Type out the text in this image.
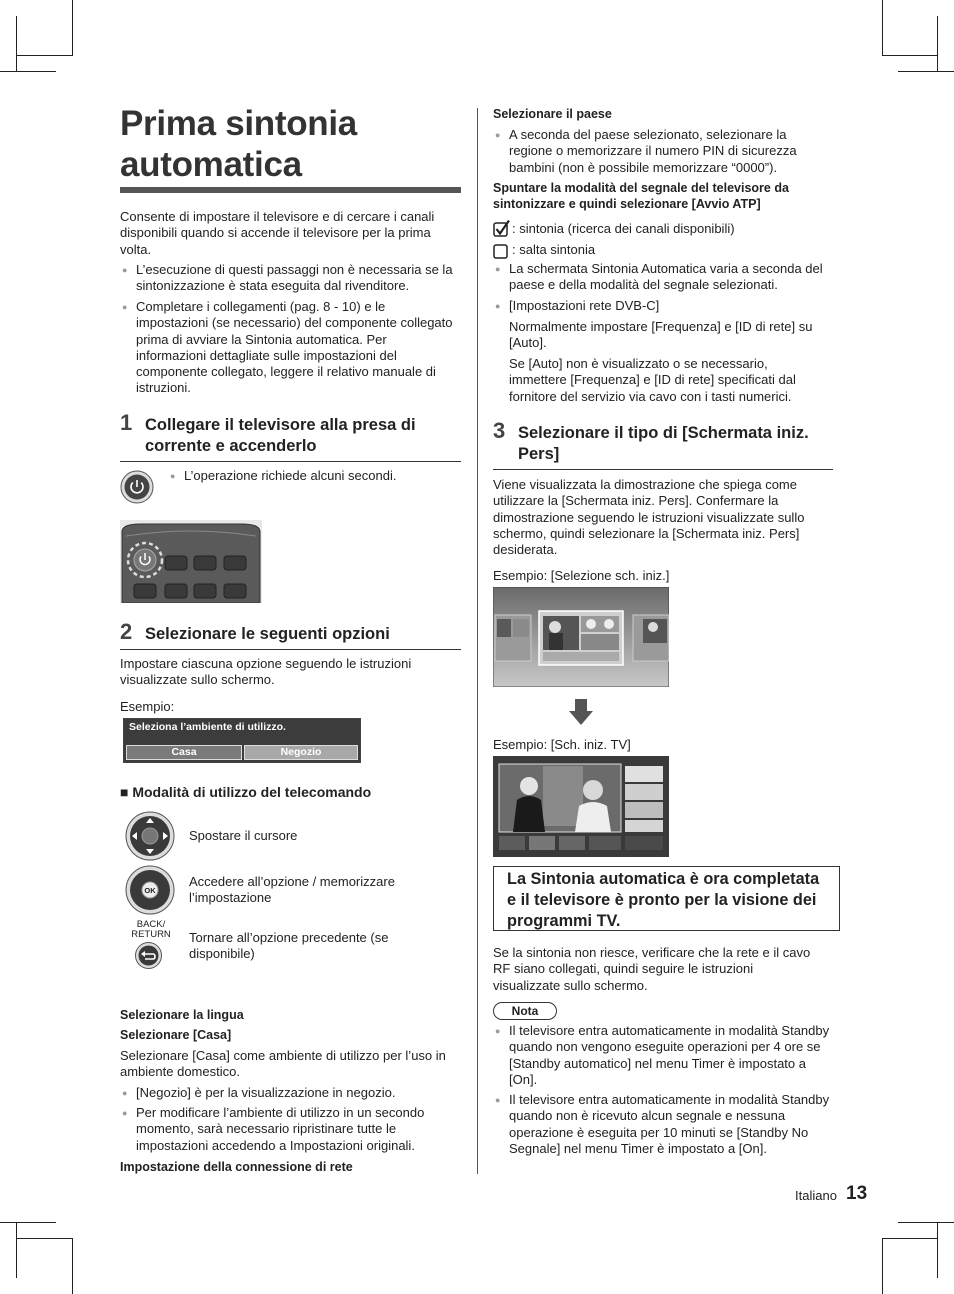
Prima sintonia
automatica

Consente di impostare il televisore e di cercare i canali disponibili quando si accende il televisore per la prima volta.

● L’esecuzione di questi passaggi non è necessaria se la sintonizzazione è stata eseguita dal rivenditore.
● Completare i collegamenti (pag. 8 - 10) e le impostazioni (se necessario) del componente collegato prima di avviare la Sintonia automatica. Per informazioni dettagliate sulle impostazioni del componente collegato, leggere il relativo manuale di istruzioni.
1 Collegare il televisore alla presa di corrente e accenderlo
● L’operazione richiede alcuni secondi.
2 Selezionare le seguenti opzioni

Impostare ciascuna opzione seguendo le istruzioni visualizzate sullo schermo.

Esempio:

Seleziona l’ambiente di utilizzo.
Casa	Negozio
■ Modalità di utilizzo del telecomando

Spostare il cursore

OK

Accedere all’opzione / memorizzare l’impostazione

BACK/
RETURN Tornare all’opzione precedente (se disponibile)

Selezionare la lingua
Selezionare [Casa]

Selezionare [Casa] come ambiente di utilizzo per l’uso in ambiente domestico.

● [Negozio] è per la visualizzazione in negozio.
● Per modificare l’ambiente di utilizzo in un secondo momento, sarà necessario ripristinare tutte le impostazioni accedendo a Impostazioni originali.
Impostazione della connessione di rete
Selezionare il paese
● A seconda del paese selezionato, selezionare la regione o memorizzare il numero PIN di sicurezza bambini (non è possibile memorizzare “0000”).
Spuntare la modalità del segnale del televisore da sintonizzare e quindi selezionare [Avvio ATP]

: sintonia (ricerca dei canali disponibili)

: salta sintonia

● La schermata Sintonia Automatica varia a seconda del paese e della modalità del segnale selezionati.
● [Impostazioni rete DVB-C]

Normalmente impostare [Frequenza] e [ID di rete] su [Auto].

Se [Auto] non è visualizzato o se necessario, immettere [Frequenza] e [ID di rete] specificati dal fornitore del servizio via cavo con i tasti numerici.

3 Selezionare il tipo di [Schermata iniz. Pers]

Viene visualizzata la dimostrazione che spiega come utilizzare la [Schermata iniz. Pers]. Confermare la dimostrazione seguendo le istruzioni visualizzate sullo schermo, quindi selezionare la [Schermata iniz. Pers] desiderata.

Esempio: [Selezione sch. iniz.]

Esempio: [Sch. iniz. TV]

La Sintonia automatica è ora completata e il televisore è pronto per la visione dei programmi TV.

Se la sintonia non riesce, verificare che la rete e il cavo RF siano collegati, quindi seguire le istruzioni visualizzate sullo schermo.

Nota
● Il televisore entra automaticamente in modalità Standby quando non vengono eseguite operazioni per 4 ore se [Standby automatico] nel menu Timer è impostato a [On].
● Il televisore entra automaticamente in modalità Standby quando non è ricevuto alcun segnale e nessuna operazione è eseguita per 10 minuti se [Standby No Segnale] nel menu Timer è impostato a [On].
Italiano 13
